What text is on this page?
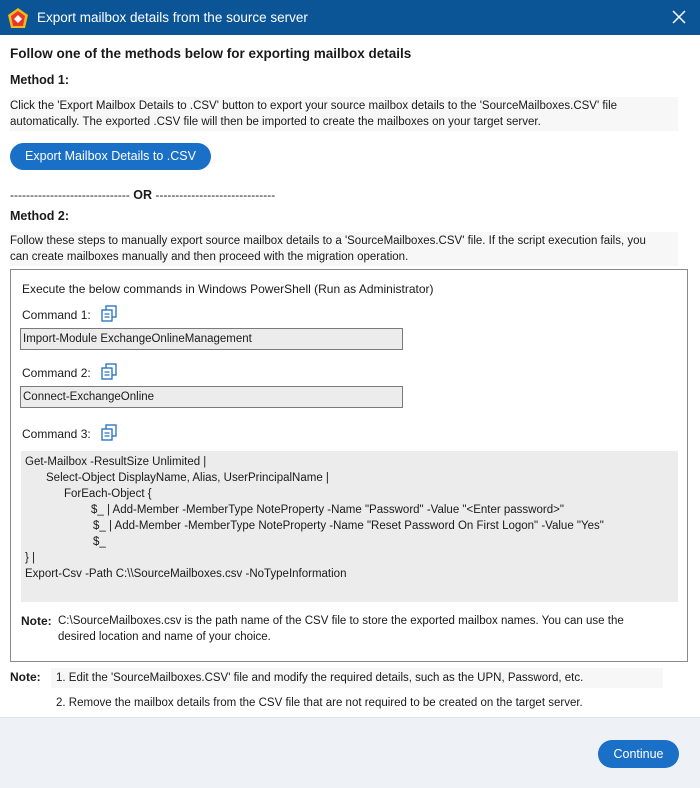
Export mailbox details from the source server
Follow one of the methods below for exporting mailbox details
Method 1:
Click the 'Export Mailbox Details to .CSV' button to export your source mailbox details to the 'SourceMailboxes.CSV' file
automatically. The exported .CSV file will then be imported to create the mailboxes on your target server.
Export Mailbox Details to .CSV
------------------------------ OR ------------------------------
Method 2:
Follow these steps to manually export source mailbox details to a 'SourceMailboxes.CSV' file. If the script execution fails, you
can create mailboxes manually and then proceed with the migration operation.
Execute the below commands in Windows PowerShell (Run as Administrator)
Command 1:
Import-Module ExchangeOnlineManagement
Command 2:
Connect-ExchangeOnline
Command 3:
Get-Mailbox -ResultSize Unlimited |
Select-Object DisplayName, Alias, UserPrincipalName |
ForEach-Object {
$_ | Add-Member -MemberType NoteProperty -Name "Password" -Value "<Enter password>"
$_ | Add-Member -MemberType NoteProperty -Name "Reset Password On First Logon" -Value "Yes"
$_
} |
Export-Csv -Path C:\\SourceMailboxes.csv -NoTypeInformation
Note: C:\SourceMailboxes.csv is the path name of the CSV file to store the exported mailbox names. You can use the
desired location and name of your choice.
Note:	1. Edit the 'SourceMailboxes.CSV' file and modify the required details, such as the UPN, Password, etc.
2. Remove the mailbox details from the CSV file that are not required to be created on the target server.
Continue
